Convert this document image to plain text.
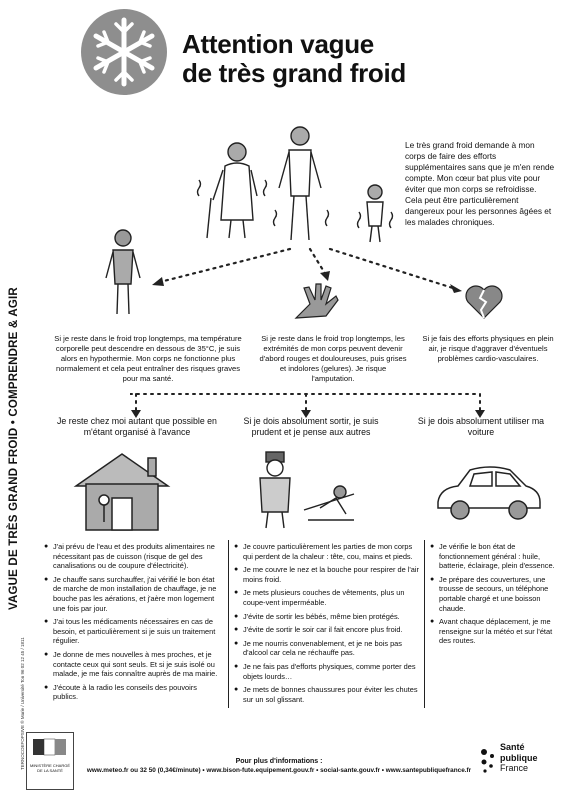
VAGUE DE TRÈS GRAND FROID • COMPRENDRE & AGIR
TERNOCOEFOPSIVE ® Marie / Université Ton 96 02 12 45 / 1811
Attention vague
de très grand froid
Le très grand froid demande à mon corps de faire des efforts supplémentaires sans que je m'en rende compte. Mon cœur bat plus vite pour éviter que mon corps se refroidisse. Cela peut être particulièrement dangereux pour les personnes âgées et les malades chroniques.
Si je reste dans le froid trop longtemps, ma température corporelle peut descendre en dessous de 35°C, je suis alors en hypothermie. Mon corps ne fonctionne plus normalement et cela peut entraîner des risques graves pour ma santé.
Si je reste dans le froid trop longtemps, les extrémités de mon corps peuvent devenir d'abord rouges et douloureuses, puis grises et indolores (gelures). Je risque l'amputation.
Si je fais des efforts physiques en plein air, je risque d'aggraver d'éventuels problèmes cardio-vasculaires.
Je reste chez moi autant que possible en m'étant organisé à l'avance
Si je dois absolument sortir, je suis prudent et je pense aux autres
Si je dois absolument utiliser ma voiture
● J'ai prévu de l'eau et des produits alimentaires ne nécessitant pas de cuisson (risque de gel des canalisations ou de coupure d'électricité).
● Je chauffe sans surchauffer, j'ai vérifié le bon état de marche de mon installation de chauffage, je ne bouche pas les aérations, et j'aère mon logement une fois par jour.
● J'ai tous les médicaments nécessaires en cas de besoin, et particulièrement si je suis un traitement régulier.
● Je donne de mes nouvelles à mes proches, et je contacte ceux qui sont seuls. Et si je suis isolé ou malade, je me fais connaître auprès de ma mairie.
● J'écoute à la radio les conseils des pouvoirs publics.
● Je couvre particulièrement les parties de mon corps qui perdent de la chaleur : tête, cou, mains et pieds.
● Je me couvre le nez et la bouche pour respirer de l'air moins froid.
● Je mets plusieurs couches de vêtements, plus un coupe-vent imperméable.
● J'évite de sortir les bébés, même bien protégés.
● J'évite de sortir le soir car il fait encore plus froid.
● Je me nourris convenablement, et je ne bois pas d'alcool car cela ne réchauffe pas.
● Je ne fais pas d'efforts physiques, comme porter des objets lourds…
● Je mets de bonnes chaussures pour éviter les chutes sur un sol glissant.
● Je vérifie le bon état de fonctionnement général : huile, batterie, éclairage, plein d'essence.
● Je prépare des couvertures, une trousse de secours, un téléphone portable chargé et une boisson chaude.
● Avant chaque déplacement, je me renseigne sur la météo et sur l'état des routes.
MINISTÈRE CHARGÉ DE LA SANTÉ
Pour plus d'informations :
www.meteo.fr ou 32 50 (0,34€/minute) • www.bison-fute.equipement.gouv.fr • social-sante.gouv.fr • www.santepubliquefrance.fr
Santé
publique
France
